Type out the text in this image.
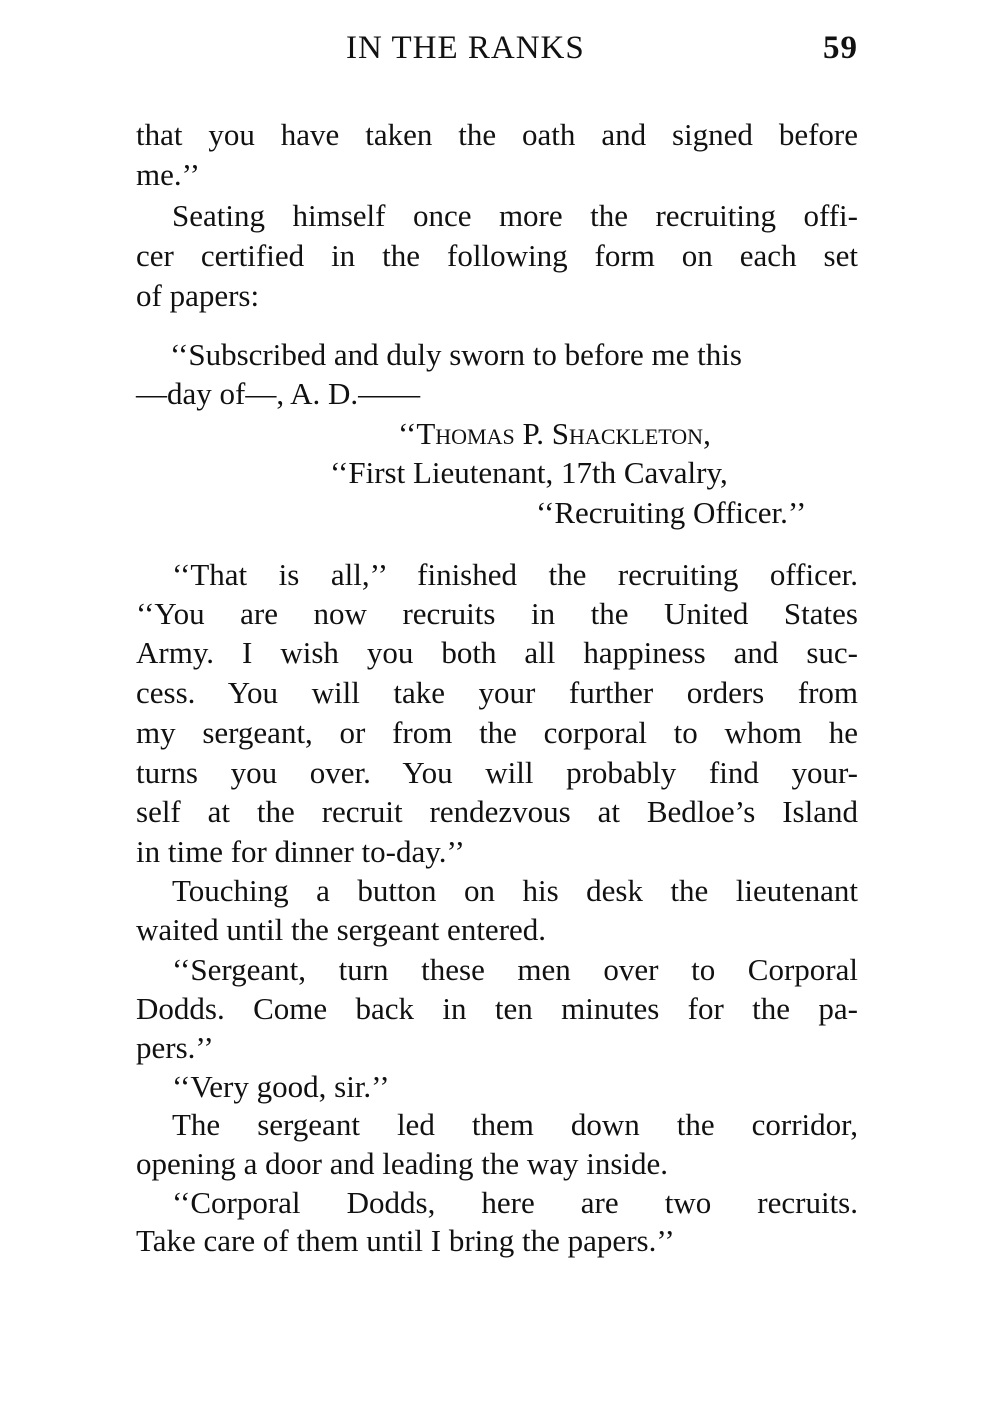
IN THE RANKS	59
that you have taken the oath and signed before
me.’’
Seating himself once more the recruiting offi-
cer certified in the following form on each set
of papers:
‘‘Subscribed and duly sworn to before me this
—day of—, A. D.——
‘‘Thomas P. Shackleton,
‘‘First Lieutenant, 17th Cavalry,
‘‘Recruiting Officer.’’
‘‘That is all,’’ finished the recruiting officer.
‘‘You are now recruits in the United States
Army. I wish you both all happiness and suc-
cess. You will take your further orders from
my sergeant, or from the corporal to whom he
turns you over. You will probably find your-
self at the recruit rendezvous at Bedloe’s Island
in time for dinner to-day.’’
Touching a button on his desk the lieutenant
waited until the sergeant entered.
‘‘Sergeant, turn these men over to Corporal
Dodds. Come back in ten minutes for the pa-
pers.’’
‘‘Very good, sir.’’
The sergeant led them down the corridor,
opening a door and leading the way inside.
‘‘Corporal Dodds, here are two recruits.
Take care of them until I bring the papers.’’
